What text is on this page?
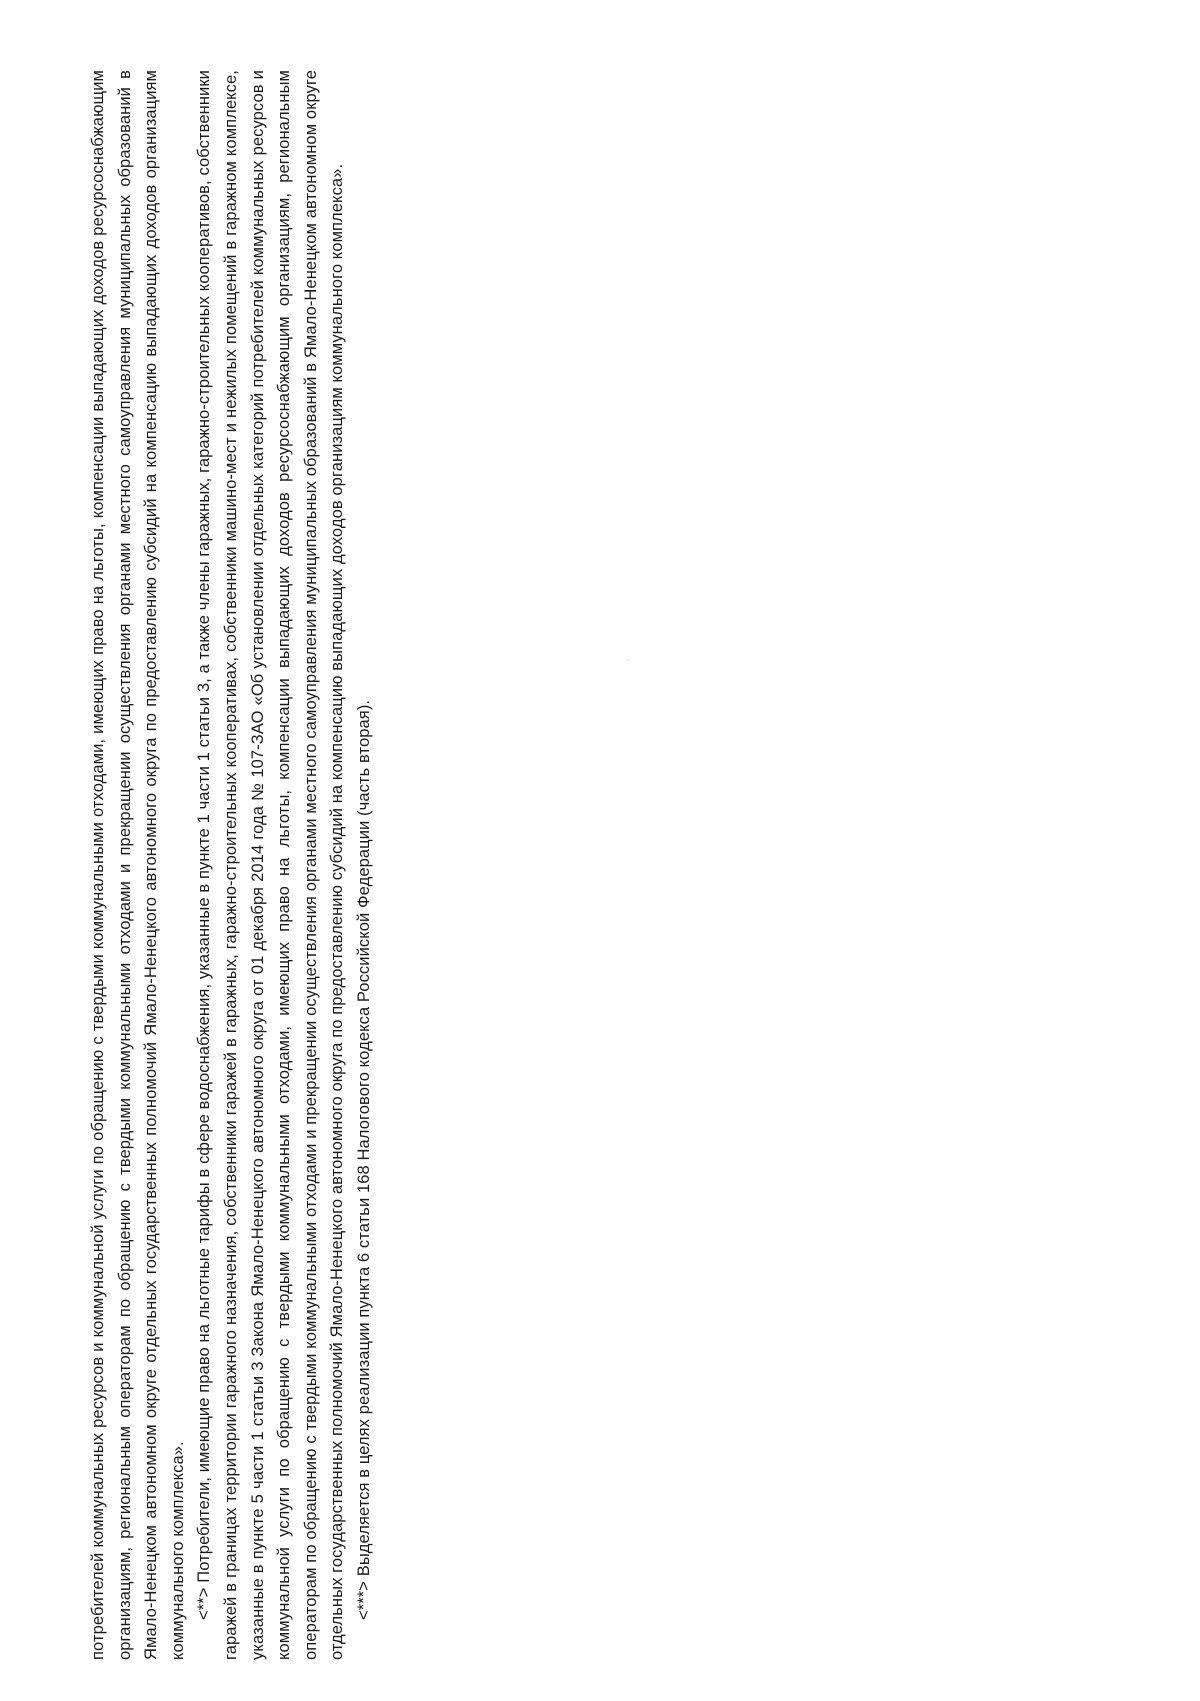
потребителей коммунальных ресурсов и коммунальной услуги по обращению с твердыми коммунальными отходами, имеющих право на льготы, компенсации выпадающих доходов ресурсоснабжающим организациям, региональным операторам по обращению с твердыми коммунальными отходами и прекращении осуществления органами местного самоуправления муниципальных образований в Ямало-Ненецком автономном округе отдельных государственных полномочий Ямало-Ненецкого автономного округа по предоставлению субсидий на компенсацию выпадающих доходов организациям коммунального комплекса». <**> Потребители, имеющие право на льготные тарифы в сфере водоснабжения, указанные в пункте 1 части 1 статьи 3, а также члены гаражных, гаражно-строительных кооперативов, собственники гаражей в границах территории гаражного назначения, собственники гаражей в гаражных, гаражно-строительных кооперативах, собственники машино-мест и нежилых помещений в гаражном комплексе, указанные в пункте 5 части 1 статьи 3 Закона Ямало-Ненецкого автономного округа от 01 декабря 2014 года № 107-ЗАО «Об установлении отдельных категорий потребителей коммунальных ресурсов и коммунальной услуги по обращению с твердыми коммунальными отходами, имеющих право на льготы, компенсации выпадающих доходов ресурсоснабжающим организациям, региональным операторам по обращению с твердыми коммунальными отходами и прекращении осуществления органами местного самоуправления муниципальных образований в Ямало-Ненецком автономном округе отдельных государственных полномочий Ямало-Ненецкого автономного округа по предоставлению субсидий на компенсацию выпадающих доходов организациям коммунального комплекса». <***> Выделяется в целях реализации пункта 6 статьи 168 Налогового кодекса Российской Федерации (часть вторая).
